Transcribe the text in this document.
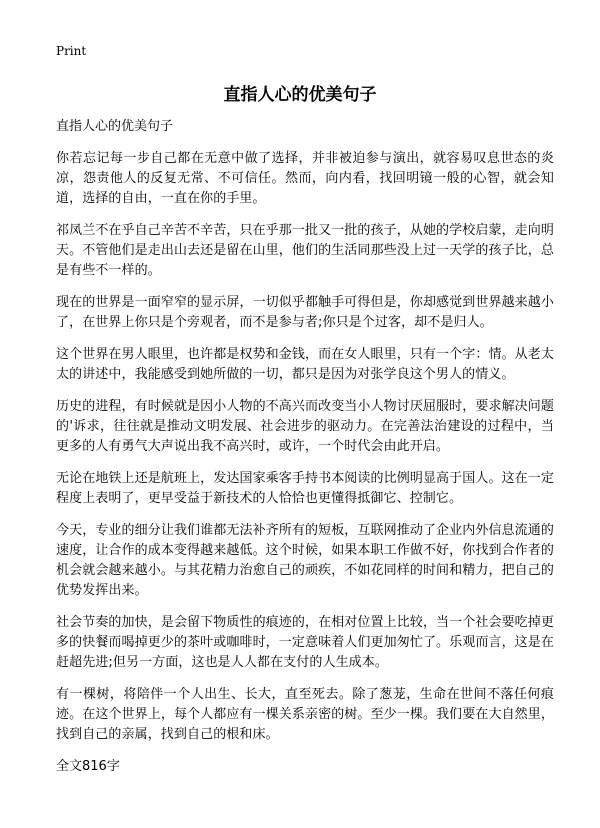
Print
直指人心的优美句子
直指人心的优美句子

你若忘记每一步自己都在无意中做了选择，并非被迫参与演出，就容易叹息世态的炎凉，怨责他人的反复无常、不可信任。然而，向内看，找回明镜一般的心智，就会知道，选择的自由，一直在你的手里。

祁凤兰不在乎自己辛苦不辛苦，只在乎那一批又一批的孩子，从她的学校启蒙，走向明天。不管他们是走出山去还是留在山里，他们的生活同那些没上过一天学的孩子比，总是有些不一样的。

现在的世界是一面窄窄的显示屏，一切似乎都触手可得但是，你却感觉到世界越来越小了，在世界上你只是个旁观者，而不是参与者;你只是个过客，却不是归人。

这个世界在男人眼里，也许都是权势和金钱，而在女人眼里，只有一个字：情。从老太太的讲述中，我能感受到她所做的一切，都只是因为对张学良这个男人的情义。

历史的进程，有时候就是因小人物的不高兴而改变当小人物讨厌屈服时，要求解决问题的'诉求，往往就是推动文明发展、社会进步的驱动力。在完善法治建设的过程中，当更多的人有勇气大声说出我不高兴时，或许，一个时代会由此开启。

无论在地铁上还是航班上，发达国家乘客手持书本阅读的比例明显高于国人。这在一定程度上表明了，更早受益于新技术的人恰恰也更懂得抵御它、控制它。

今天，专业的细分让我们谁都无法补齐所有的短板，互联网推动了企业内外信息流通的速度，让合作的成本变得越来越低。这个时候，如果本职工作做不好，你找到合作者的机会就会越来越小。与其花精力治愈自己的顽疾，不如花同样的时间和精力，把自己的优势发挥出来。

社会节奏的加快，是会留下物质性的痕迹的，在相对位置上比较，当一个社会要吃掉更多的快餐而喝掉更少的茶叶或咖啡时，一定意味着人们更加匆忙了。乐观而言，这是在赶超先进;但另一方面，这也是人人都在支付的人生成本。

有一棵树，将陪伴一个人出生、长大，直至死去。除了葱茏，生命在世间不落任何痕迹。在这个世界上，每个人都应有一棵关系亲密的树。至少一棵。我们要在大自然里，找到自己的亲属，找到自己的根和床。

全文816字
